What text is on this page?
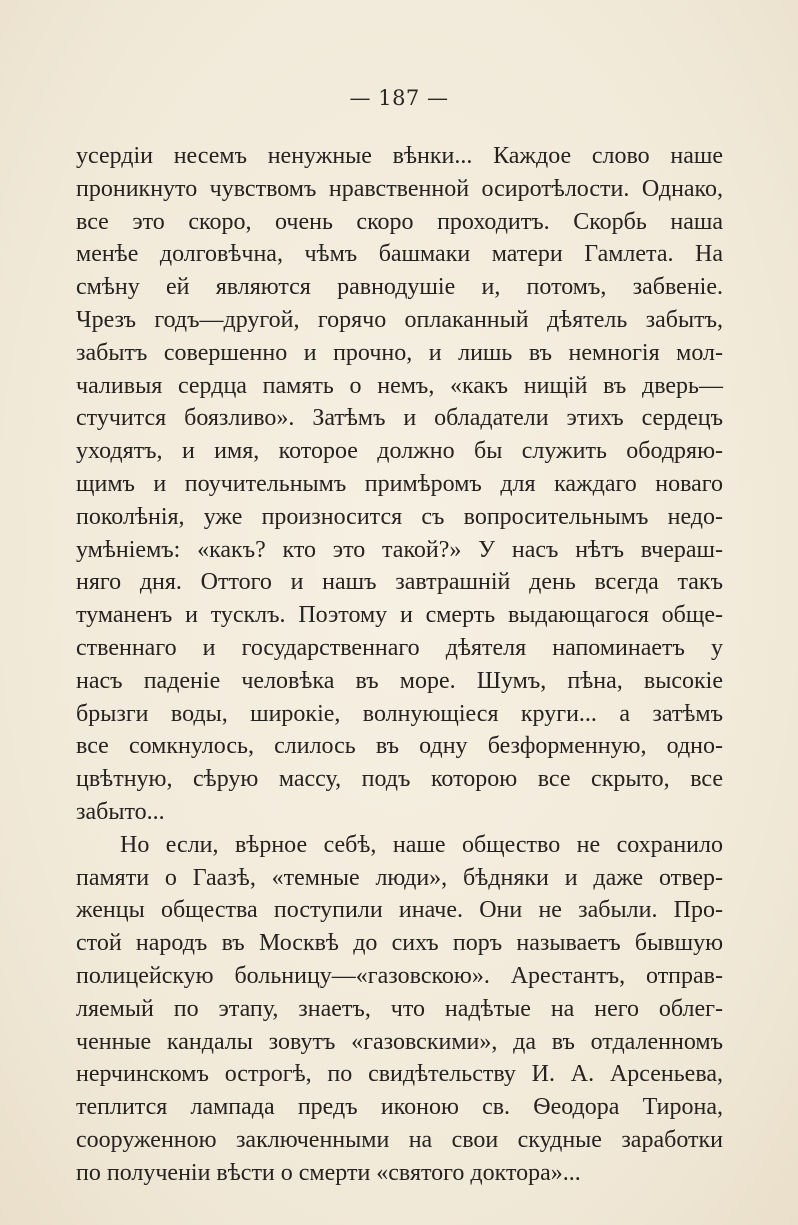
— 187 —
усердіи несемъ ненужные вѣнки... Каждое слово наше
проникнуто чувствомъ нравственной осиротѣлости. Однако,
все это скоро, очень скоро проходитъ. Скорбь наша
менѣе долговѣчна, чѣмъ башмаки матери Гамлета. На
смѣну ей являются равнодушіе и, потомъ, забвеніе.
Чрезъ годъ—другой, горячо оплаканный дѣятель забытъ,
забытъ совершенно и прочно, и лишь въ немногія мол-
чаливыя сердца память о немъ, «какъ нищій въ дверь—
стучится боязливо». Затѣмъ и обладатели этихъ сердецъ
уходятъ, и имя, которое должно бы служить ободряю-
щимъ и поучительнымъ примѣромъ для каждаго новаго
поколѣнія, уже произносится съ вопросительнымъ недо-
умѣніемъ: «какъ? кто это такой?» У насъ нѣтъ вчераш-
няго дня. Оттого и нашъ завтрашній день всегда такъ
туманенъ и тусклъ. Поэтому и смерть выдающагося обще-
ственнаго и государственнаго дѣятеля напоминаетъ у
насъ паденіе человѣка въ море. Шумъ, пѣна, высокіе
брызги воды, широкіе, волнующіеся круги... а затѣмъ
все сомкнулось, слилось въ одну безформенную, одно-
цвѣтную, сѣрую массу, подъ которою все скрыто, все
забыто...
Но если, вѣрное себѣ, наше общество не сохранило
памяти о Гаазѣ, «темные люди», бѣдняки и даже отвер-
женцы общества поступили иначе. Они не забыли. Про-
стой народъ въ Москвѣ до сихъ поръ называетъ бывшую
полицейскую больницу—«газовскою». Арестантъ, отправ-
ляемый по этапу, знаетъ, что надѣтые на него облег-
ченные кандалы зовутъ «газовскими», да въ отдаленномъ
нерчинскомъ острогѣ, по свидѣтельству И. А. Арсеньева,
теплится лампада предъ иконою св. Ѳеодора Тирона,
сооруженною заключенными на свои скудные заработки
по полученіи вѣсти о смерти «святого доктора»...
